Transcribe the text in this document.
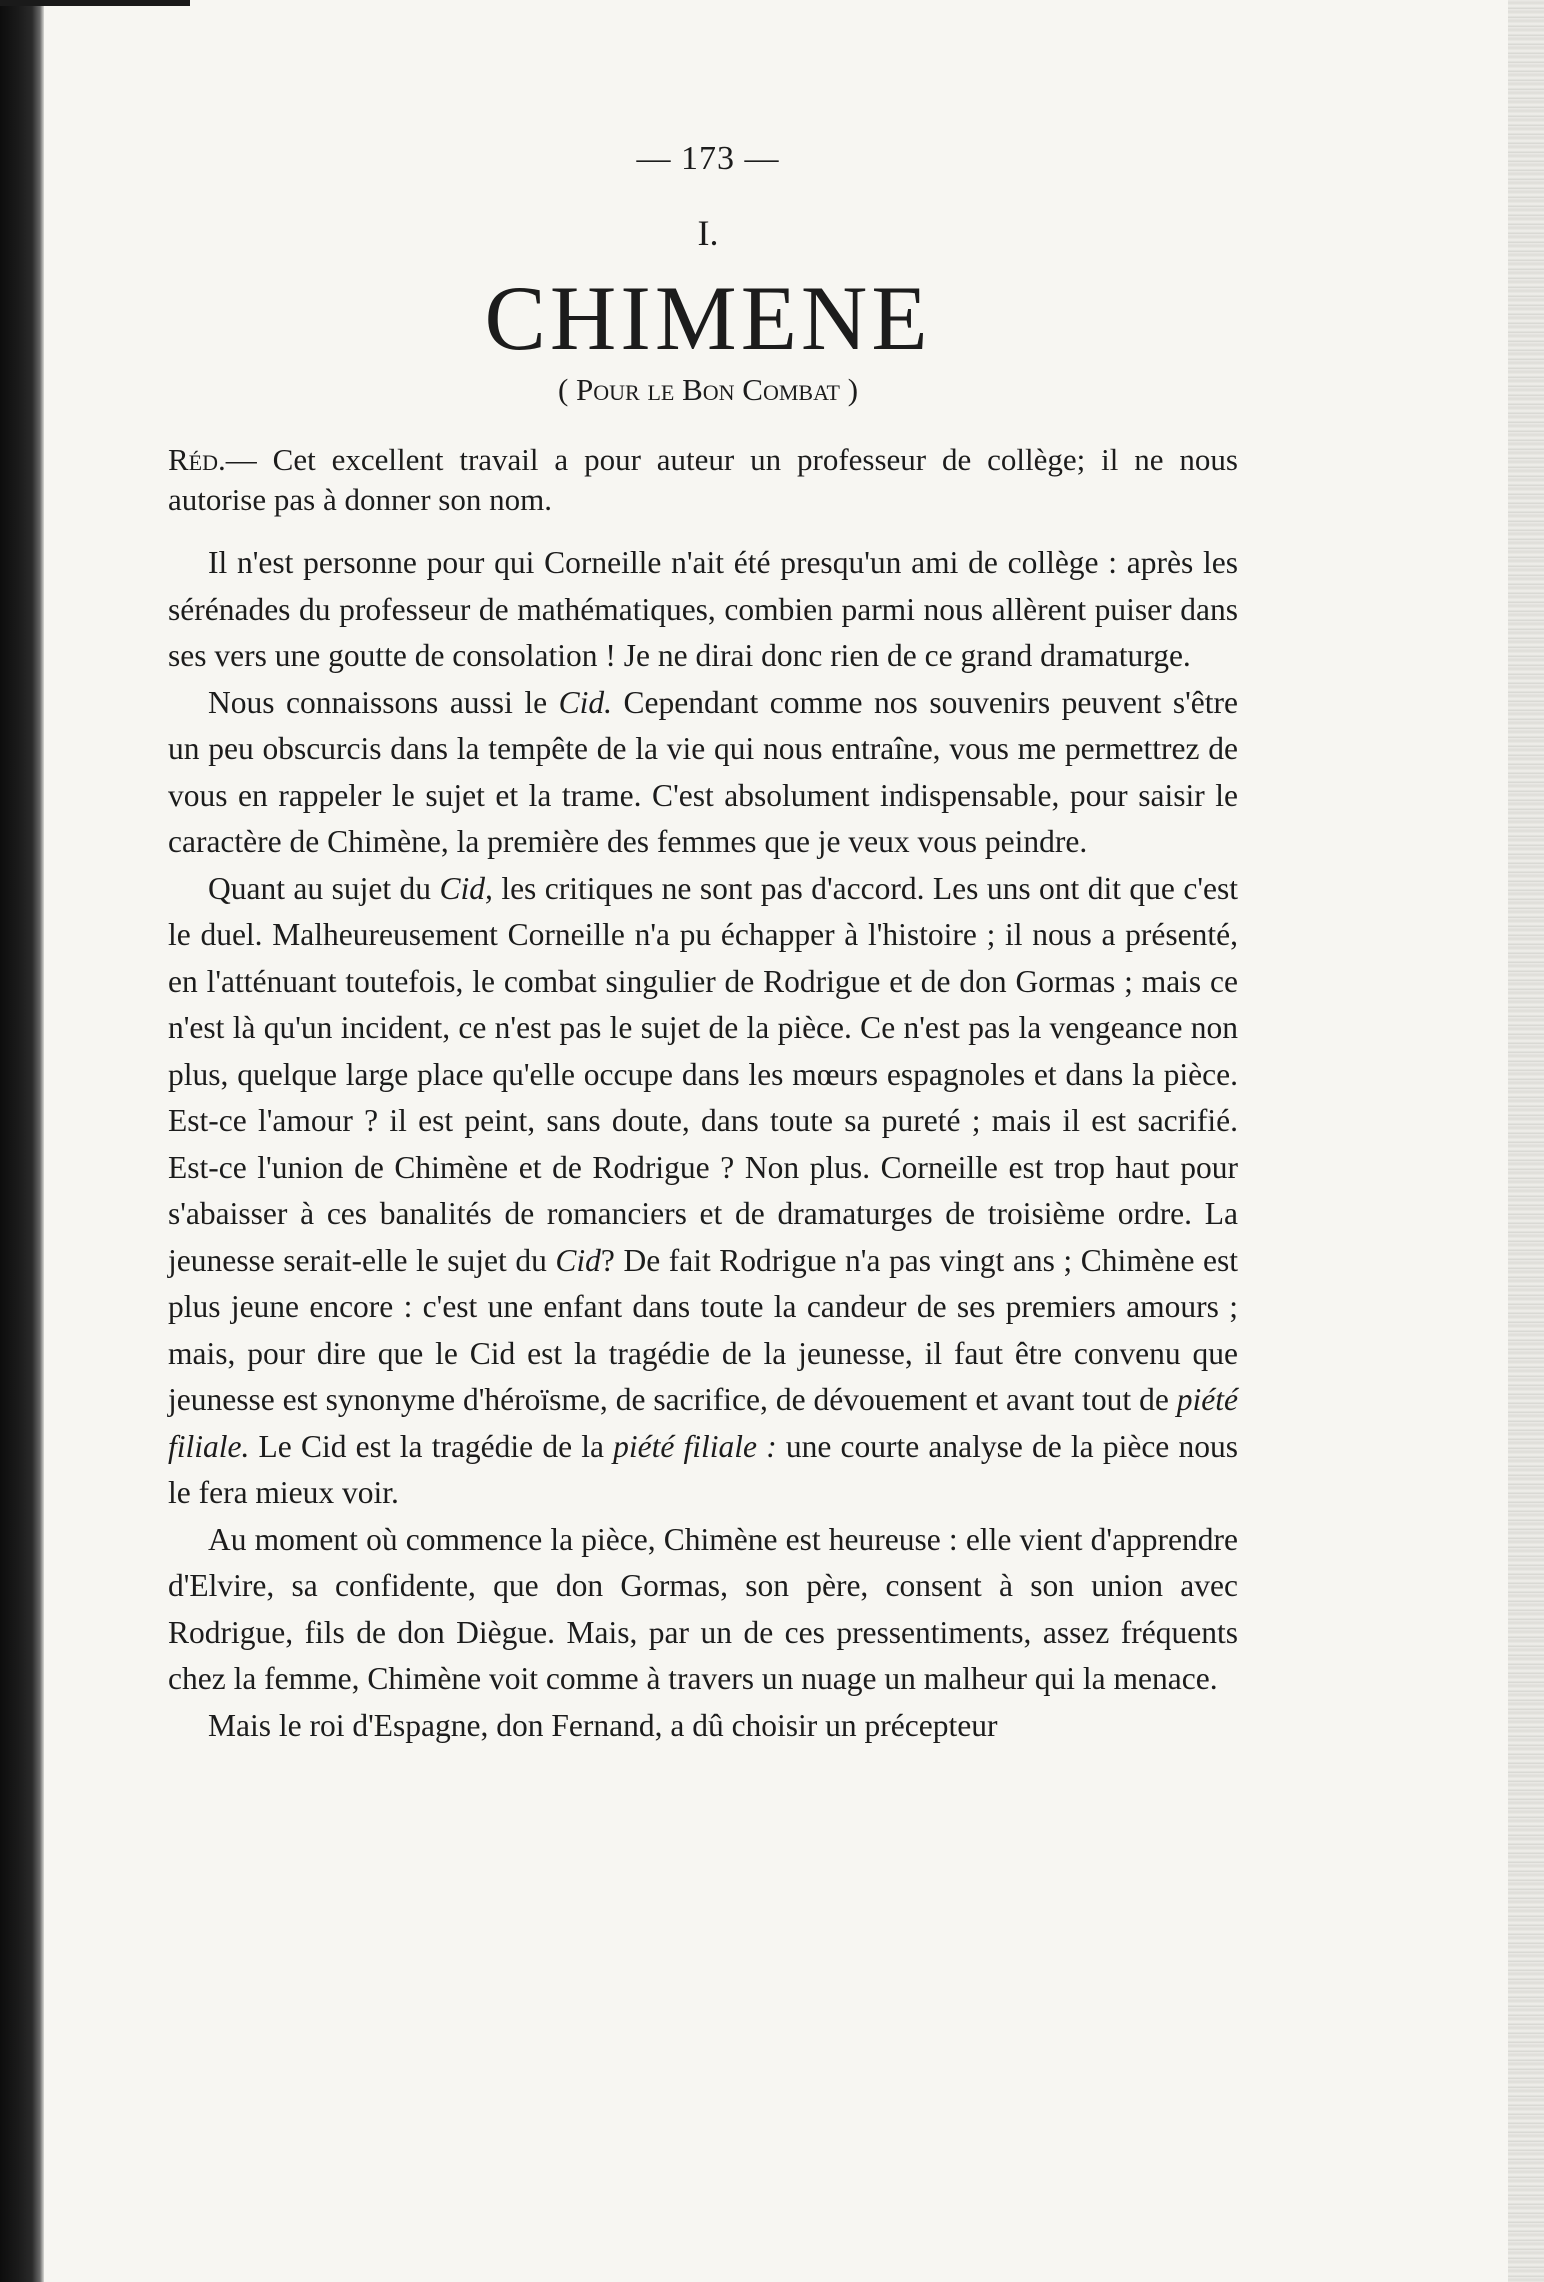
— 173 —
I.
CHIMENE
( Pour le Bon Combat )
Réd.— Cet excellent travail a pour auteur un professeur de collège; il ne nous autorise pas à donner son nom.

Il n'est personne pour qui Corneille n'ait été presqu'un ami de collège : après les sérénades du professeur de mathématiques, combien parmi nous allèrent puiser dans ses vers une goutte de consolation ! Je ne dirai donc rien de ce grand dramaturge.

Nous connaissons aussi le Cid. Cependant comme nos souvenirs peuvent s'être un peu obscurcis dans la tempête de la vie qui nous entraîne, vous me permettrez de vous en rappeler le sujet et la trame. C'est absolument indispensable, pour saisir le caractère de Chimène, la première des femmes que je veux vous peindre.

Quant au sujet du Cid, les critiques ne sont pas d'accord. Les uns ont dit que c'est le duel. Malheureusement Corneille n'a pu échapper à l'histoire ; il nous a présenté, en l'atténuant toutefois, le combat singulier de Rodrigue et de don Gormas ; mais ce n'est là qu'un incident, ce n'est pas le sujet de la pièce. Ce n'est pas la vengeance non plus, quelque large place qu'elle occupe dans les mœurs espagnoles et dans la pièce. Est-ce l'amour ? il est peint, sans doute, dans toute sa pureté ; mais il est sacrifié. Est-ce l'union de Chimène et de Rodrigue ? Non plus. Corneille est trop haut pour s'abaisser à ces banalités de romanciers et de dramaturges de troisième ordre. La jeunesse serait-elle le sujet du Cid? De fait Rodrigue n'a pas vingt ans ; Chimène est plus jeune encore : c'est une enfant dans toute la candeur de ses premiers amours ; mais, pour dire que le Cid est la tragédie de la jeunesse, il faut être convenu que jeunesse est synonyme d'héroïsme, de sacrifice, de dévouement et avant tout de piété filiale. Le Cid est la tragédie de la piété filiale : une courte analyse de la pièce nous le fera mieux voir.

Au moment où commence la pièce, Chimène est heureuse : elle vient d'apprendre d'Elvire, sa confidente, que don Gormas, son père, consent à son union avec Rodrigue, fils de don Diègue. Mais, par un de ces pressentiments, assez fréquents chez la femme, Chimène voit comme à travers un nuage un malheur qui la menace.

Mais le roi d'Espagne, don Fernand, a dû choisir un précepteur
